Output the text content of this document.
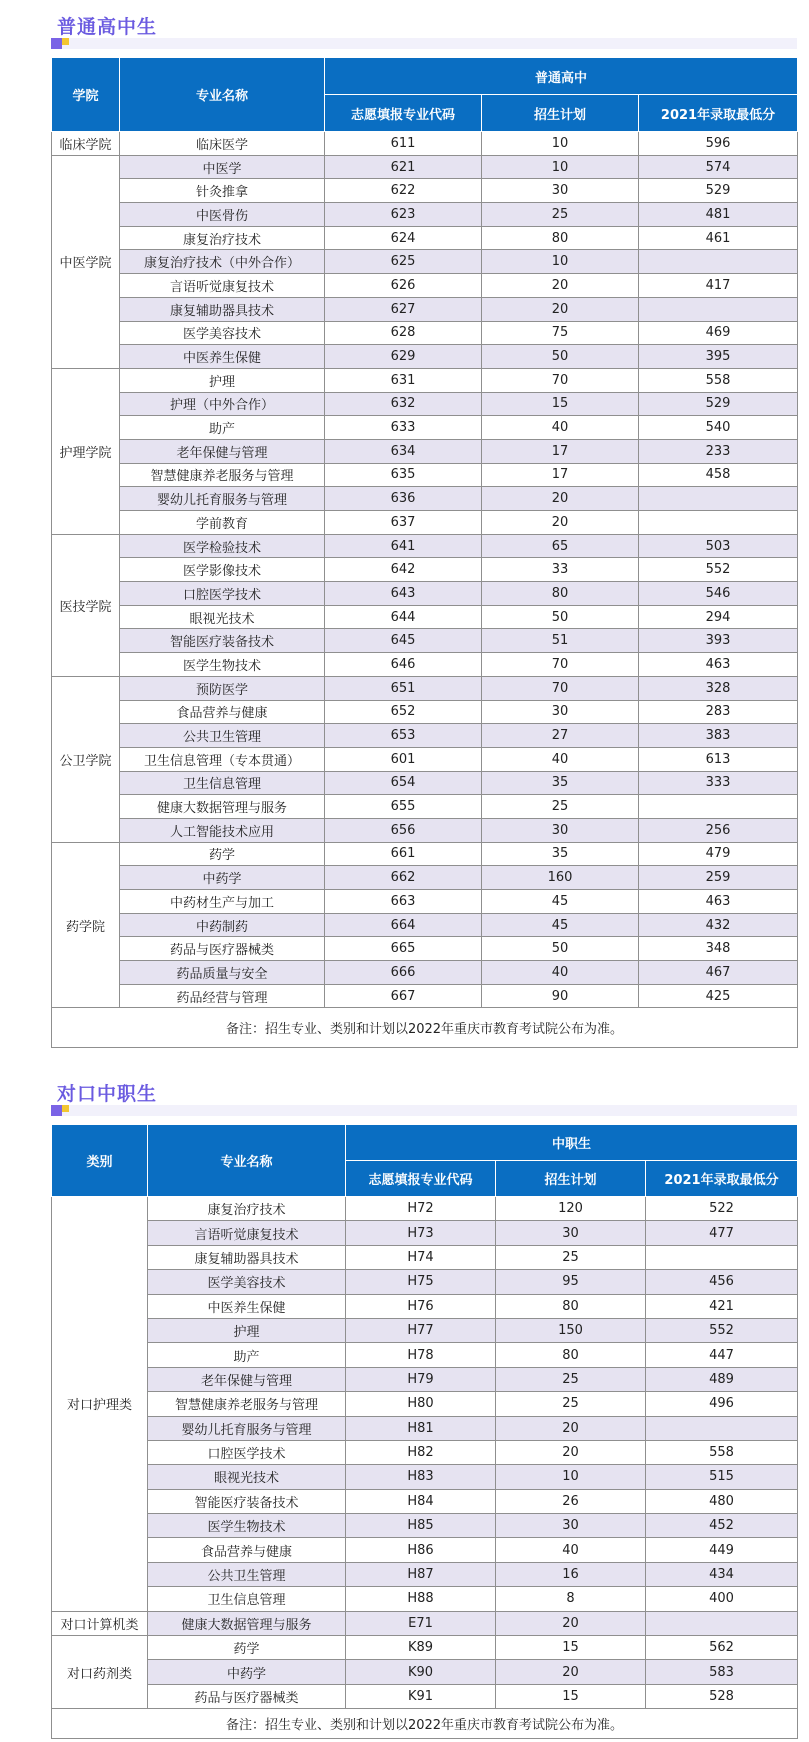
普通高中生
学院	专业名称	普通高中		
		志愿填报专业代码	招生计划	2021年录取最低分
临床学院	临床医学	611	10	596
中医学院	中医学	621	10	574
	针灸推拿	622	30	529
	中医骨伤	623	25	481
	康复治疗技术	624	80	461
	康复治疗技术（中外合作）	625	10	
	言语听觉康复技术	626	20	417
	康复辅助器具技术	627	20	
	医学美容技术	628	75	469
	中医养生保健	629	50	395
护理学院	护理	631	70	558
	护理（中外合作）	632	15	529
	助产	633	40	540
	老年保健与管理	634	17	233
	智慧健康养老服务与管理	635	17	458
	婴幼儿托育服务与管理	636	20	
	学前教育	637	20	
医技学院	医学检验技术	641	65	503
	医学影像技术	642	33	552
	口腔医学技术	643	80	546
	眼视光技术	644	50	294
	智能医疗装备技术	645	51	393
	医学生物技术	646	70	463
公卫学院	预防医学	651	70	328
	食品营养与健康	652	30	283
	公共卫生管理	653	27	383
	卫生信息管理（专本贯通）	601	40	613
	卫生信息管理	654	35	333
	健康大数据管理与服务	655	25	
	人工智能技术应用	656	30	256
药学院	药学	661	35	479
	中药学	662	160	259
	中药材生产与加工	663	45	463
	中药制药	664	45	432
	药品与医疗器械类	665	50	348
	药品质量与安全	666	40	467
	药品经营与管理	667	90	425
备注：招生专业、类别和计划以2022年重庆市教育考试院公布为准。				
对口中职生
类别	专业名称	中职生		
		志愿填报专业代码	招生计划	2021年录取最低分
对口护理类	康复治疗技术	H72	120	522
	言语听觉康复技术	H73	30	477
	康复辅助器具技术	H74	25	
	医学美容技术	H75	95	456
	中医养生保健	H76	80	421
	护理	H77	150	552
	助产	H78	80	447
	老年保健与管理	H79	25	489
	智慧健康养老服务与管理	H80	25	496
	婴幼儿托育服务与管理	H81	20	
	口腔医学技术	H82	20	558
	眼视光技术	H83	10	515
	智能医疗装备技术	H84	26	480
	医学生物技术	H85	30	452
	食品营养与健康	H86	40	449
	公共卫生管理	H87	16	434
	卫生信息管理	H88	8	400
对口计算机类	健康大数据管理与服务	E71	20	
对口药剂类	药学	K89	15	562
	中药学	K90	20	583
	药品与医疗器械类	K91	15	528
备注：招生专业、类别和计划以2022年重庆市教育考试院公布为准。				
